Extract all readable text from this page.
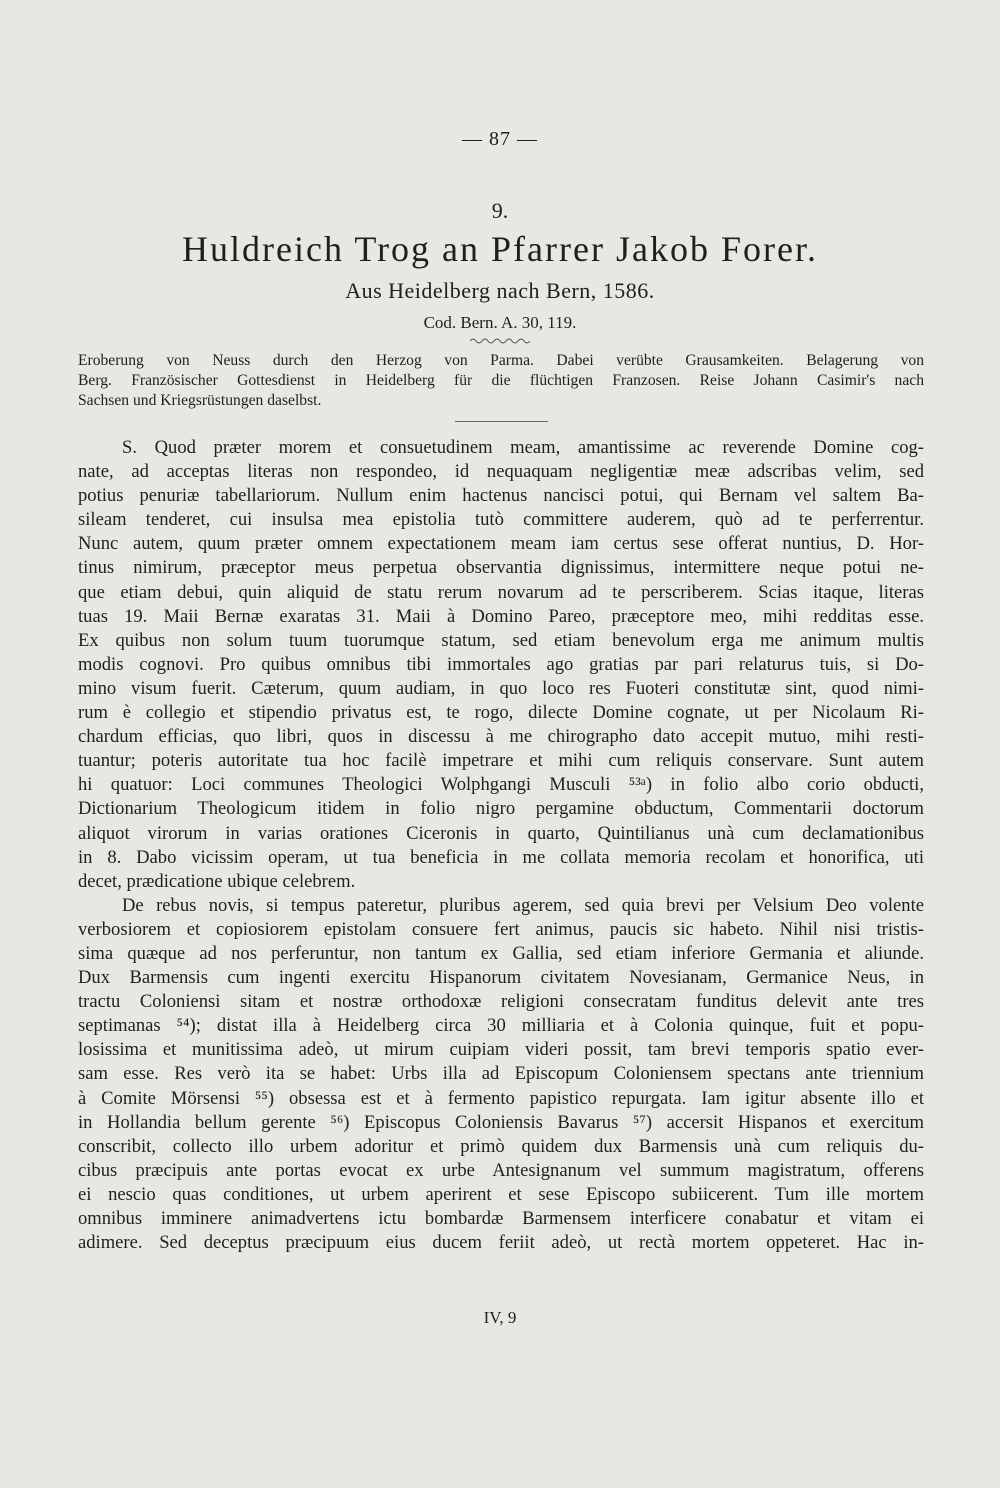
— 87 —
9.
Huldreich Trog an Pfarrer Jakob Forer.
Aus Heidelberg nach Bern, 1586.
Cod. Bern. A. 30, 119.
Eroberung von Neuss durch den Herzog von Parma. Dabei verübte Grausamkeiten. Belagerung von
Berg. Französischer Gottesdienst in Heidelberg für die flüchtigen Franzosen. Reise Johann Casimir's nach
Sachsen und Kriegsrüstungen daselbst.
S. Quod præter morem et consuetudinem meam, amantissime ac reverende Domine cog-
nate, ad acceptas literas non respondeo, id nequaquam negligentiæ meæ adscribas velim, sed
potius penuriæ tabellariorum. Nullum enim hactenus nancisci potui, qui Bernam vel saltem Ba-
sileam tenderet, cui insulsa mea epistolia tutò committere auderem, quò ad te perferrentur.
Nunc autem, quum præter omnem expectationem meam iam certus sese offerat nuntius, D. Hor-
tinus nimirum, præceptor meus perpetua observantia dignissimus, intermittere neque potui ne-
que etiam debui, quin aliquid de statu rerum novarum ad te perscriberem. Scias itaque, literas
tuas 19. Maii Bernæ exaratas 31. Maii à Domino Pareo, præceptore meo, mihi redditas esse.
Ex quibus non solum tuum tuorumque statum, sed etiam benevolum erga me animum multis
modis cognovi. Pro quibus omnibus tibi immortales ago gratias par pari relaturus tuis, si Do-
mino visum fuerit. Cæterum, quum audiam, in quo loco res Fuoteri constitutæ sint, quod nimi-
rum è collegio et stipendio privatus est, te rogo, dilecte Domine cognate, ut per Nicolaum Ri-
chardum efficias, quo libri, quos in discessu à me chirographo dato accepit mutuo, mihi resti-
tuantur; poteris autoritate tua hoc facilè impetrare et mihi cum reliquis conservare. Sunt autem
hi quatuor: Loci communes Theologici Wolphgangi Musculi ⁵³ᵃ) in folio albo corio obducti,
Dictionarium Theologicum itidem in folio nigro pergamine obductum, Commentarii doctorum
aliquot virorum in varias orationes Ciceronis in quarto, Quintilianus unà cum declamationibus
in 8. Dabo vicissim operam, ut tua beneficia in me collata memoria recolam et honorifica, uti
decet, prædicatione ubique celebrem.
De rebus novis, si tempus pateretur, pluribus agerem, sed quia brevi per Velsium Deo volente
verbosiorem et copiosiorem epistolam consuere fert animus, paucis sic habeto. Nihil nisi tristis-
sima quæque ad nos perferuntur, non tantum ex Gallia, sed etiam inferiore Germania et aliunde.
Dux Barmensis cum ingenti exercitu Hispanorum civitatem Novesianam, Germanice Neus, in
tractu Coloniensi sitam et nostræ orthodoxæ religioni consecratam funditus delevit ante tres
septimanas ⁵⁴); distat illa à Heidelberg circa 30 milliaria et à Colonia quinque, fuit et popu-
losissima et munitissima adeò, ut mirum cuipiam videri possit, tam brevi temporis spatio ever-
sam esse. Res verò ita se habet: Urbs illa ad Episcopum Coloniensem spectans ante triennium
à Comite Mörsensi ⁵⁵) obsessa est et à fermento papistico repurgata. Iam igitur absente illo et
in Hollandia bellum gerente ⁵⁶) Episcopus Coloniensis Bavarus ⁵⁷) accersit Hispanos et exercitum
conscribit, collecto illo urbem adoritur et primò quidem dux Barmensis unà cum reliquis du-
cibus præcipuis ante portas evocat ex urbe Antesignanum vel summum magistratum, offerens
ei nescio quas conditiones, ut urbem aperirent et sese Episcopo subiicerent. Tum ille mortem
omnibus imminere animadvertens ictu bombardæ Barmensem interficere conabatur et vitam ei
adimere. Sed deceptus præcipuum eius ducem feriit adeò, ut rectà mortem oppeteret. Hac in-
IV, 9
